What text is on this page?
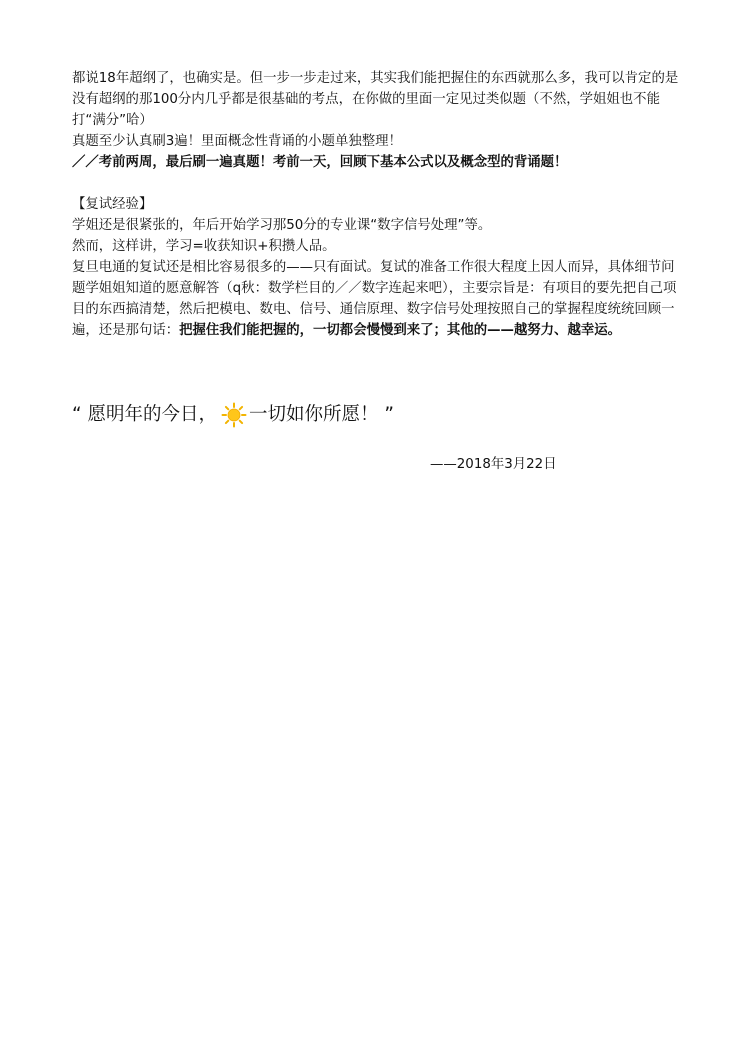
都说18年超纲了，也确实是。但一步一步走过来，其实我们能把握住的东西就那么多，我可以肯定的是没有超纲的那100分内几乎都是很基础的考点，在你做的里面一定见过类似题（不然，学姐姐也不能打“满分”哈）

真题至少认真刷3遍！里面概念性背诵的小题单独整理！

／／考前两周，最后刷一遍真题！考前一天，回顾下基本公式以及概念型的背诵题！

【复试经验】

学姐还是很紧张的，年后开始学习那50分的专业课“数字信号处理”等。

然而，这样讲，学习=收获知识+积攒人品。

复旦电通的复试还是相比容易很多的——只有面试。复试的准备工作很大程度上因人而异，具体细节问题学姐姐知道的愿意解答（q秋：数学栏目的／／数字连起来吧），主要宗旨是：有项目的要先把自己项目的东西搞清楚，然后把模电、数电、信号、通信原理、数字信号处理按照自己的掌握程度统统回顾一遍，还是那句话：把握住我们能把握的，一切都会慢慢到来了；其他的——越努力、越幸运。

“ 愿明年的今日， 一切如你所愿！ ”
——2018年3月22日
